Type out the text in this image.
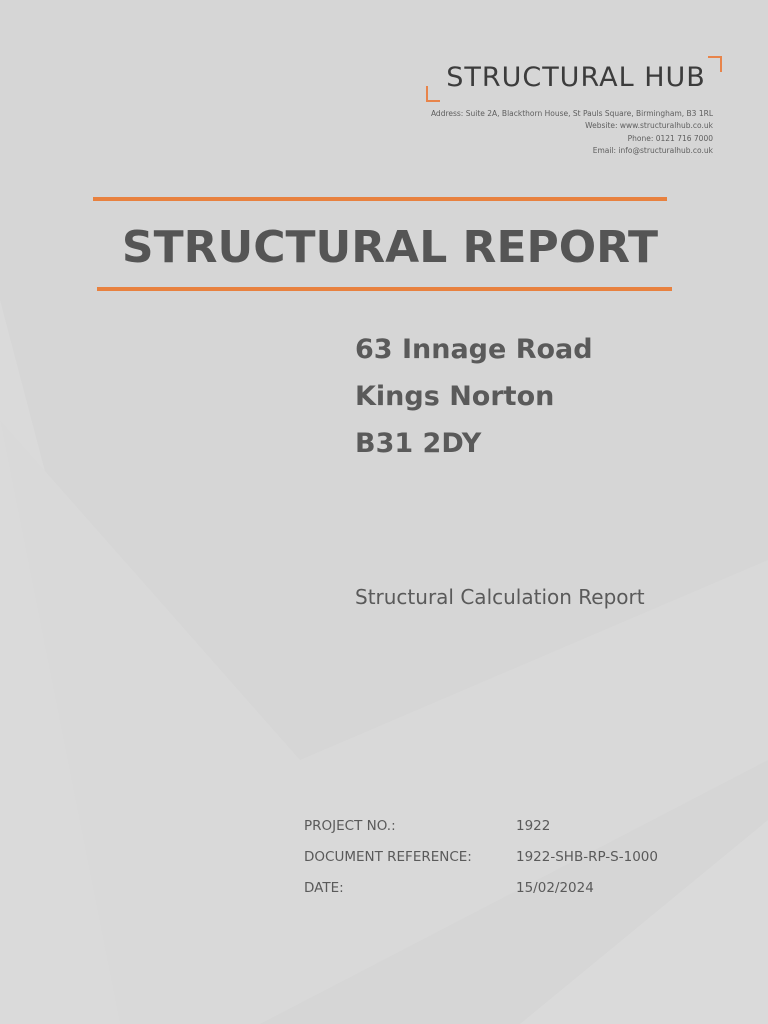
STRUCTURAL HUB
Address: Suite 2A, Blackthorn House, St Pauls Square, Birmingham, B3 1RL
Website: www.structuralhub.co.uk
Phone: 0121 716 7000
Email: info@structuralhub.co.uk
STRUCTURAL REPORT
63 Innage Road
Kings Norton
B31 2DY
Structural Calculation Report
PROJECT NO.:	1922
DOCUMENT REFERENCE:	1922-SHB-RP-S-1000
DATE:	15/02/2024
